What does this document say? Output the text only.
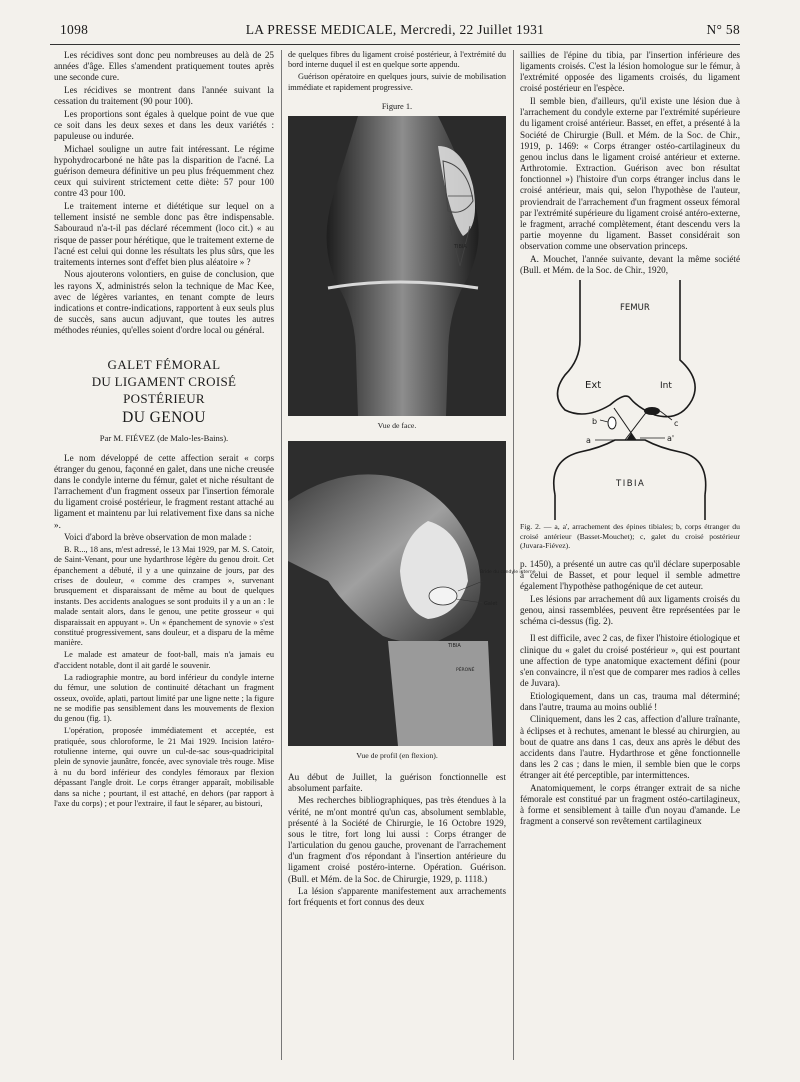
1098	LA PRESSE MEDICALE, Mercredi, 22 Juillet 1931	N° 58

Les récidives sont donc peu nombreuses au delà de 25 années d'âge. Elles s'amendent pratiquement toutes après une seconde cure.

Les récidives se montrent dans l'année suivant la cessation du traitement (90 pour 100).

Les proportions sont égales à quelque point de vue que ce soit dans les deux sexes et dans les deux variétés : papuleuse ou indurée.

Michael souligne un autre fait intéressant. Le régime hypohydrocarboné ne hâte pas la disparition de l'acné. La guérison demeura définitive un peu plus fréquemment chez ceux qui suivirent strictement cette diète: 57 pour 100 contre 43 pour 100.

Le traitement interne et diététique sur lequel on a tellement insisté ne semble donc pas être indispensable. Sabouraud n'a-t-il pas déclaré récemment (loco cit.) « au risque de passer pour hérétique, que le traitement externe de l'acné est celui qui donne les résultats les plus sûrs, que les traitements internes sont d'effet bien plus aléatoire » ?

Nous ajouterons volontiers, en guise de conclusion, que les rayons X, administrés selon la technique de Mac Kee, avec de légères variantes, en tenant compte de leurs indications et contre-indications, rapportent à eux seuls plus de succès, sans aucun adjuvant, que toutes les autres méthodes réunies, qu'elles soient d'ordre local ou général.

GALET FÉMORAL
DU LIGAMENT CROISÉ POSTÉRIEUR
DU GENOU
Par M. FIÉVEZ (de Malo-les-Bains).

Le nom développé de cette affection serait « corps étranger du genou, façonné en galet, dans une niche creusée dans le condyle interne du fémur, galet et niche résultant de l'arrachement d'un fragment osseux par l'insertion fémorale du ligament croisé postérieur, le fragment restant attaché au ligament et maintenu par lui relativement fixe dans sa niche ».

Voici d'abord la brève observation de mon malade :

B. R..., 18 ans, m'est adressé, le 13 Mai 1929, par M. S. Catoir, de Saint-Venant, pour une hydarthrose légère du genou droit. Cet épanchement a débuté, il y a une quinzaine de jours, par des crises de douleur, « comme des crampes », survenant brusquement et disparaissant de même au bout de quelques instants. Des accidents analogues se sont produits il y a un an : le malade sentait alors, dans le genou, une petite grosseur « qui disparaissait en appuyant ». Un « épanchement de synovie » s'est constitué progressivement, sans douleur, et a disparu de la même manière.

Le malade est amateur de foot-ball, mais n'a jamais eu d'accident notable, dont il ait gardé le souvenir.

La radiographie montre, au bord inférieur du condyle interne du fémur, une solution de continuité détachant un fragment osseux, ovoïde, aplati, partout limité par une ligne nette ; la figure ne se modifie pas sensiblement dans les mouvements de flexion du genou (fig. 1).

L'opération, proposée immédiatement et acceptée, est pratiquée, sous chloroforme, le 21 Mai 1929. Incision latéro-rotulienne interne, qui ouvre un cul-de-sac sous-quadricipital plein de synovie jaunâtre, foncée, avec synoviale très rouge. Mise à nu du bord inférieur des condyles fémoraux par flexion dépassant l'angle droit. Le corps étranger apparaît, mobilisable dans sa niche ; pourtant, il est attaché, en dehors (par rapport à l'axe du corps) ; et pour l'extraire, il faut le séparer, au bistouri,

de quelques fibres du ligament croisé postérieur, à l'extrémité du bord interne duquel il est en quelque sorte appendu.

Guérison opératoire en quelques jours, suivie de mobilisation immédiate et rapidement progressive.

Figure 1.
TIBIA
Vue de face.
Bride du condyle interne
Galet
TIBIA
PÉRONÉ
Vue de profil (en flexion).

Au début de Juillet, la guérison fonctionnelle est absolument parfaite.

Mes recherches bibliographiques, pas très étendues à la vérité, ne m'ont montré qu'un cas, absolument semblable, présenté à la Société de Chirurgie, le 16 Octobre 1929, sous le titre, fort long lui aussi : Corps étranger de l'articulation du genou gauche, provenant de l'arrachement d'un fragment d'os répondant à l'insertion antérieure du ligament croisé postéro-interne. Opération. Guérison. (Bull. et Mém. de la Soc. de Chirurgie, 1929, p. 1118.)

La lésion s'apparente manifestement aux arrachements fort fréquents et fort connus des deux

saillies de l'épine du tibia, par l'insertion inférieure des ligaments croisés. C'est la lésion homologue sur le fémur, à l'extrémité opposée des ligaments croisés, du ligament croisé postérieur en l'espèce.

Il semble bien, d'ailleurs, qu'il existe une lésion due à l'arrachement du condyle externe par l'extrémité supérieure du ligament croisé antérieur. Basset, en effet, a présenté à la Société de Chirurgie (Bull. et Mém. de la Soc. de Chir., 1919, p. 1469: « Corps étranger ostéo-cartilagineux du genou inclus dans le ligament croisé antérieur et externe. Arthrotomie. Extraction. Guérison avec bon résultat fonctionnel ») l'histoire d'un corps étranger inclus dans le croisé antérieur, mais qui, selon l'hypothèse de l'auteur, proviendrait de l'arrachement d'un fragment osseux fémoral par l'extrémité supérieure du ligament croisé antéro-externe, le fragment, arraché complètement, étant descendu vers la partie moyenne du ligament. Basset considérait son observation comme une observation princeps.

A. Mouchet, l'année suivante, devant la même société (Bull. et Mém. de la Soc. de Chir., 1920,

FEMUR
Ext	Int
b	c
a	a'
TIBIA
Fig. 2. — a, a', arrachement des épines tibiales; b, corps étranger du croisé antérieur (Basset-Mouchet); c, galet du croisé postérieur (Juvara-Fiévez).

p. 1450), a présenté un autre cas qu'il déclare superposable à celui de Basset, et pour lequel il semble admettre également l'hypothèse pathogénique de cet auteur.

Les lésions par arrachement dû aux ligaments croisés du genou, ainsi rassemblées, peuvent être représentées par le schéma ci-dessus (fig. 2).

Il est difficile, avec 2 cas, de fixer l'histoire étiologique et clinique du « galet du croisé postérieur », qui est pourtant une affection de type anatomique exactement défini (pour s'en convaincre, il n'est que de comparer mes radios à celles de Juvara).

Etiologiquement, dans un cas, trauma mal déterminé; dans l'autre, trauma au moins oublié !

Cliniquement, dans les 2 cas, affection d'allure traînante, à éclipses et à rechutes, amenant le blessé au chirurgien, au bout de quatre ans dans 1 cas, deux ans après le début des accidents dans l'autre. Hydarthrose et gêne fonctionnelle dans les 2 cas ; dans le mien, il semble bien que le corps étranger ait été perceptible, par intermittences.

Anatomiquement, le corps étranger extrait de sa niche fémorale est constitué par un fragment ostéo-cartilagineux, à forme et sensiblement à taille d'un noyau d'amande. Le fragment a conservé son revêtement cartilagineux
